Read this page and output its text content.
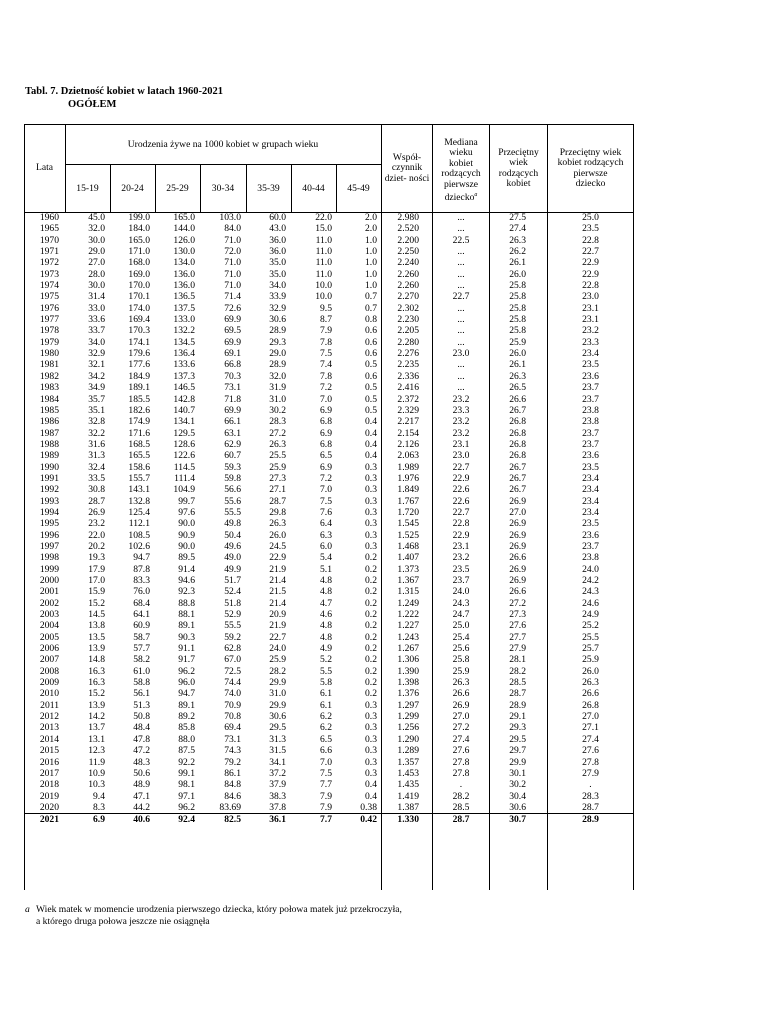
Tabl. 7. Dzietność kobiet w latach 1960-2021
OGÓŁEM
Lata
Urodzenia żywe na 1000 kobiet w grupach wieku
15-19	20-24	25-29	30-34	35-39	40-44	45-49
Współ-
czynnik
dziet- ności
Mediana
wieku
kobiet
rodzących
pierwsze
dziecko$^a$
Przeciętny
wiek
rodzących
kobiet
Przeciętny wiek
kobiet rodzących
pierwsze
dziecko
1960	45.0 199.0 165.0	103.0	60.0	22.0	2.0 2.980	...	27.5	25.0
1965	32.0 184.0 144.0	84.0	43.0	15.0	2.0 2.520	...	27.4	23.5
1970	30.0 165.0 126.0	71.0	36.0	11.0	1.0 2.200	22.5	26.3	22.8
1971	29.0 171.0 130.0	72.0	36.0	11.0	1.0 2.250	...	26.2	22.7
1972	27.0 168.0 134.0	71.0	35.0	11.0	1.0 2.240	...	26.1	22.9
1973	28.0 169.0 136.0	71.0	35.0	11.0	1.0 2.260	...	26.0	22.9
1974	30.0 170.0 136.0	71.0	34.0	10.0	1.0 2.260	...	25.8	22.8
1975	31.4 170.1 136.5	71.4	33.9	10.0	0.7 2.270	22.7	25.8	23.0
1976	33.0 174.0 137.5	72.6	32.9	9.5	0.7 2.302	...	25.8	23.1
1977	33.6 169.4 133.0	69.9	30.6	8.7	0.8 2.230	...	25.8	23.1
1978	33.7 170.3 132.2	69.5	28.9	7.9	0.6 2.205	...	25.8	23.2
1979	34.0 174.1 134.5	69.9	29.3	7.8	0.6 2.280	...	25.9	23.3
1980	32.9 179.6 136.4	69.1	29.0	7.5	0.6 2.276	23.0	26.0	23.4
1981	32.1 177.6 133.6	66.8	28.9	7.4	0.5 2.235	...	26.1	23.5
1982	34.2 184.9 137.3	70.3	32.0	7.8	0.6 2.336	...	26.3	23.6
1983	34.9 189.1 146.5	73.1	31.9	7.2	0.5 2.416	...	26.5	23.7
1984	35.7 185.5 142.8	71.8	31.0	7.0	0.5 2.372	23.2	26.6	23.7
1985	35.1 182.6 140.7	69.9	30.2	6.9	0.5 2.329	23.3	26.7	23.8
1986	32.8 174.9 134.1	66.1	28.3	6.8	0.4 2.217	23.2	26.8	23.8
1987	32.2 171.6 129.5	63.1	27.2	6.9	0.4 2.154	23.2	26.8	23.7
1988	31.6 168.5 128.6	62.9	26.3	6.8	0.4 2.126	23.1	26.8	23.7
1989	31.3 165.5 122.6	60.7	25.5	6.5	0.4 2.063	23.0	26.8	23.6
1990	32.4 158.6 114.5	59.3	25.9	6.9	0.3 1.989	22.7	26.7	23.5
1991	33.5 155.7	111.4	59.8	27.3	7.2	0.3 1.976	22.9	26.7	23.4
1992	30.8 143.1 104.9	56.6	27.1	7.0	0.3 1.849	22.6	26.7	23.4
1993	28.7 132.8	99.7	55.6	28.7	7.5	0.3 1.767	22.6	26.9	23.4
1994	26.9 125.4	97.6	55.5	29.8	7.6	0.3 1.720	22.7	27.0	23.4
1995	23.2 112.1	90.0	49.8	26.3	6.4	0.3 1.545	22.8	26.9	23.5
1996	22.0 108.5	90.9	50.4	26.0	6.3	0.3 1.525	22.9	26.9	23.6
1997	20.2 102.6	90.0	49.6	24.5	6.0	0.3 1.468	23.1	26.9	23.7
1998	19.3	94.7	89.5	49.0	22.9	5.4	0.2 1.407	23.2	26.6	23.8
1999	17.9	87.8	91.4	49.9	21.9	5.1	0.2 1.373	23.5	26.9	24.0
2000	17.0	83.3	94.6	51.7	21.4	4.8	0.2 1.367	23.7	26.9	24.2
2001	15.9	76.0	92.3	52.4	21.5	4.8	0.2 1.315	24.0	26.6	24.3
2002	15.2	68.4	88.8	51.8	21.4	4.7	0.2 1.249	24.3	27.2	24.6
2003	14.5	64.1	88.1	52.9	20.9	4.6	0.2 1.222	24.7	27.3	24.9
2004	13.8	60.9	89.1	55.5	21.9	4.8	0.2 1.227	25.0	27.6	25.2
2005	13.5	58.7	90.3	59.2	22.7	4.8	0.2 1.243	25.4	27.7	25.5
2006	13.9	57.7	91.1	62.8	24.0	4.9	0.2 1.267	25.6	27.9	25.7
2007	14.8	58.2	91.7	67.0	25.9	5.2	0.2 1.306	25.8	28.1	25.9
2008	16.3	61.0	96.2	72.5	28.2	5.5	0.2 1.390	25.9	28.2	26.0
2009	16.3	58.8	96.0	74.4	29.9	5.8	0.2 1.398	26.3	28.5	26.3
2010	15.2	56.1	94.7	74.0	31.0	6.1	0.2 1.376	26.6	28.7	26.6
2011	13.9	51.3	89.1	70.9	29.9	6.1	0.3 1.297	26.9	28.9	26.8
2012	14.2	50.8	89.2	70.8	30.6	6.2	0.3 1.299	27.0	29.1	27.0
2013	13.7	48.4	85.8	69.4	29.5	6.2	0.3 1.256	27.2	29.3	27.1
2014	13.1	47.8	88.0	73.1	31.3	6.5	0.3 1.290	27.4	29.5	27.4
2015	12.3	47.2	87.5	74.3	31.5	6.6	0.3 1.289	27.6	29.7	27.6
2016	11.9	48.3	92.2	79.2	34.1	7.0	0.3 1.357	27.8	29.9	27.8
2017	10.9	50.6	99.1	86.1	37.2	7.5	0.3 1.453	27.8	30.1	27.9
2018	10.3	48.9	98.1	84.8	37.9	7.7	0.4 1.435	.	30.2	.
2019	9.4	47.1	97.1	84.6	38.3	7.9	0.4 1.419	28.2	30.4	28.3
2020	8.3	44.2	96.2	83.69	37.8	7.9	0.38 1.387	28.5	30.6	28.7
2021	6.9	40.6	92.4	82.5	36.1	7.7	0.42 1.330	28.7	30.7	28.9
a Wiek matek w momencie urodzenia pierwszego dziecka, który połowa matek już przekroczyła,
a którego druga połowa jeszcze nie osiągnęła
